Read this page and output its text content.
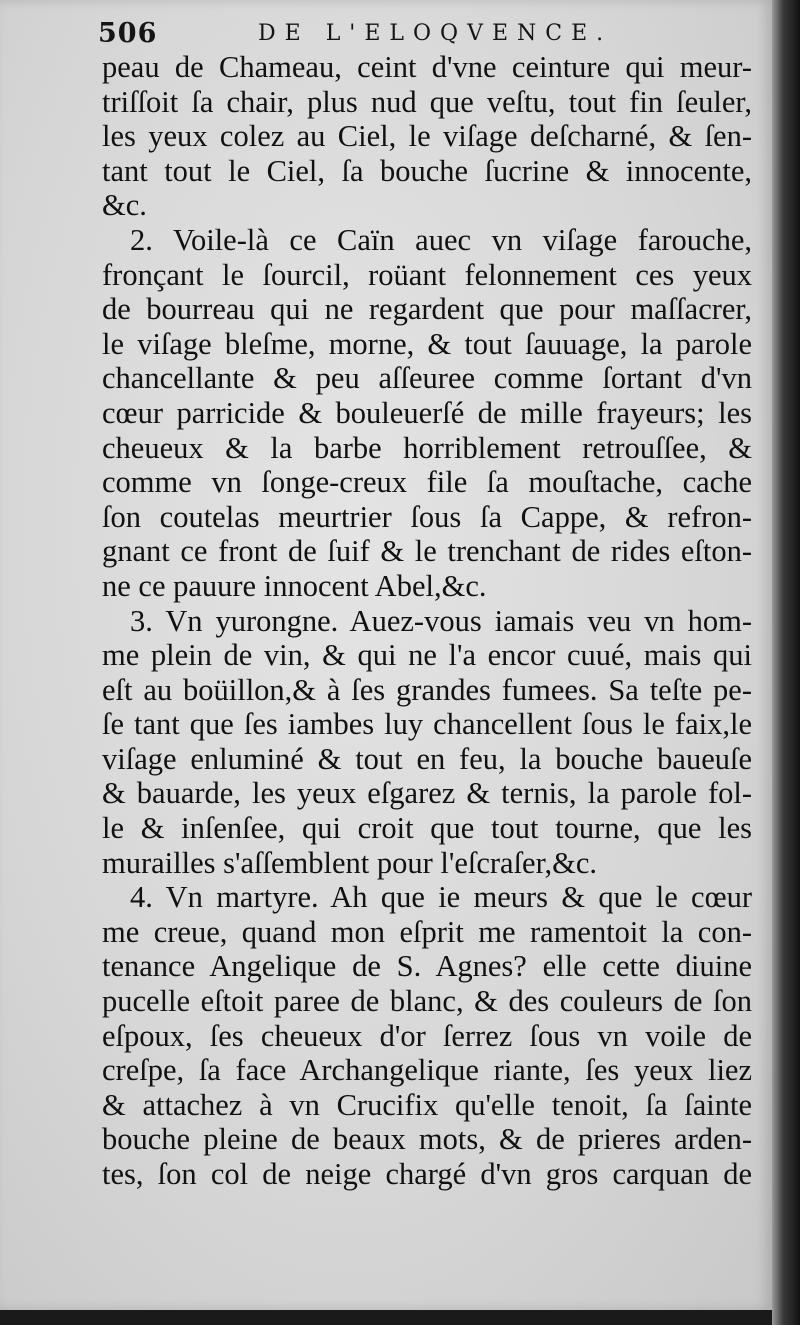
506	DE L'ELOQVENCE.
peau de Chameau, ceint d'vne ceinture qui meur-
triſſoit ſa chair, plus nud que veſtu, tout fin ſeuler,
les yeux colez au Ciel, le viſage deſcharné, & ſen-
tant tout le Ciel, ſa bouche ſucrine & innocente,
&c.
2. Voile-là ce Caïn auec vn viſage farouche,
fronçant le ſourcil, roüant felonnement ces yeux
de bourreau qui ne regardent que pour maſſacrer,
le viſage bleſme, morne, & tout ſauuage, la parole
chancellante & peu aſſeuree comme ſortant d'vn
cœur parricide & bouleuerſé de mille frayeurs; les
cheueux & la barbe horriblement retrouſſee, &
comme vn ſonge-creux file ſa mouſtache, cache
ſon coutelas meurtrier ſous ſa Cappe, & refron-
gnant ce front de ſuif & le trenchant de rides eſton-
ne ce pauure innocent Abel,&c.
3. Vn yurongne. Auez-vous iamais veu vn hom-
me plein de vin, & qui ne l'a encor cuué, mais qui
eſt au boüillon,& à ſes grandes fumees. Sa teſte pe-
ſe tant que ſes iambes luy chancellent ſous le faix,le
viſage enluminé & tout en feu, la bouche baueuſe
& bauarde, les yeux eſgarez & ternis, la parole fol-
le & inſenſee, qui croit que tout tourne, que les
murailles s'aſſemblent pour l'eſcraſer,&c.
4. Vn martyre. Ah que ie meurs & que le cœur
me creue, quand mon eſprit me ramentoit la con-
tenance Angelique de S. Agnes? elle cette diuine
pucelle eſtoit paree de blanc, & des couleurs de ſon
eſpoux, ſes cheueux d'or ſerrez ſous vn voile de
creſpe, ſa face Archangelique riante, ſes yeux liez
& attachez à vn Crucifix qu'elle tenoit, ſa ſainte
bouche pleine de beaux mots, & de prieres arden-
tes, ſon col de neige chargé d'vn gros carquan de
